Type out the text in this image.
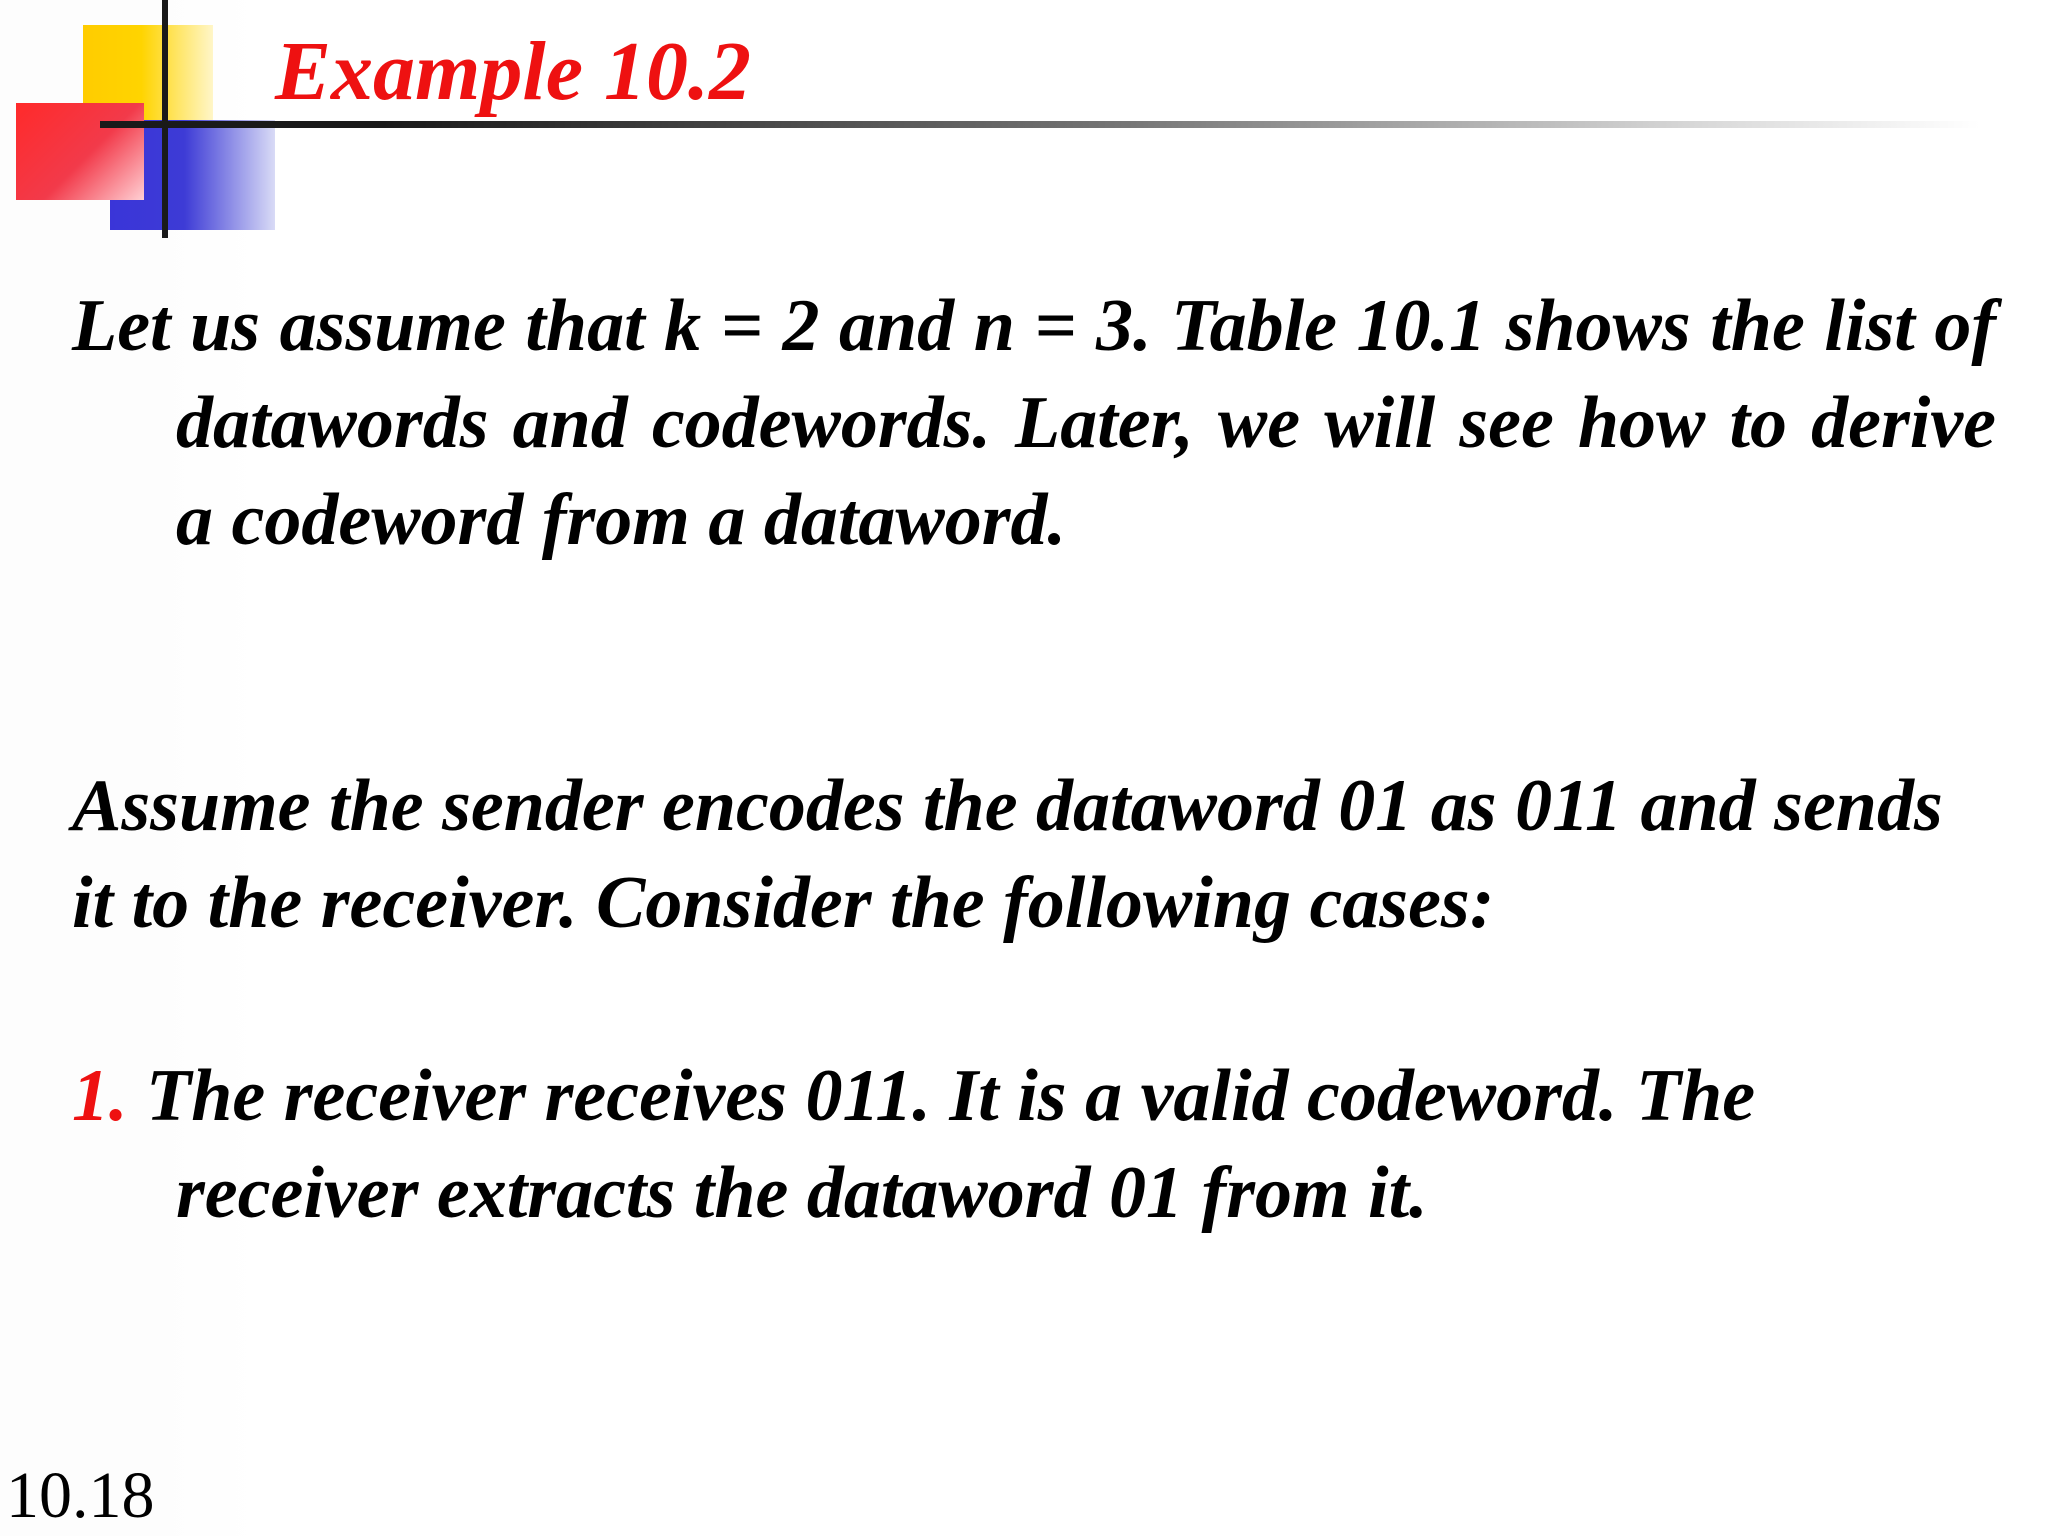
Example 10.2

Let us assume that k = 2 and n = 3. Table 10.1 shows the list of datawords and codewords. Later, we will see how to derive a codeword from a dataword.

Assume the sender encodes the dataword 01 as 011 and sends it to the receiver. Consider the following cases:

1. The receiver receives 011. It is a valid codeword. The receiver extracts the dataword 01 from it.

10.18
